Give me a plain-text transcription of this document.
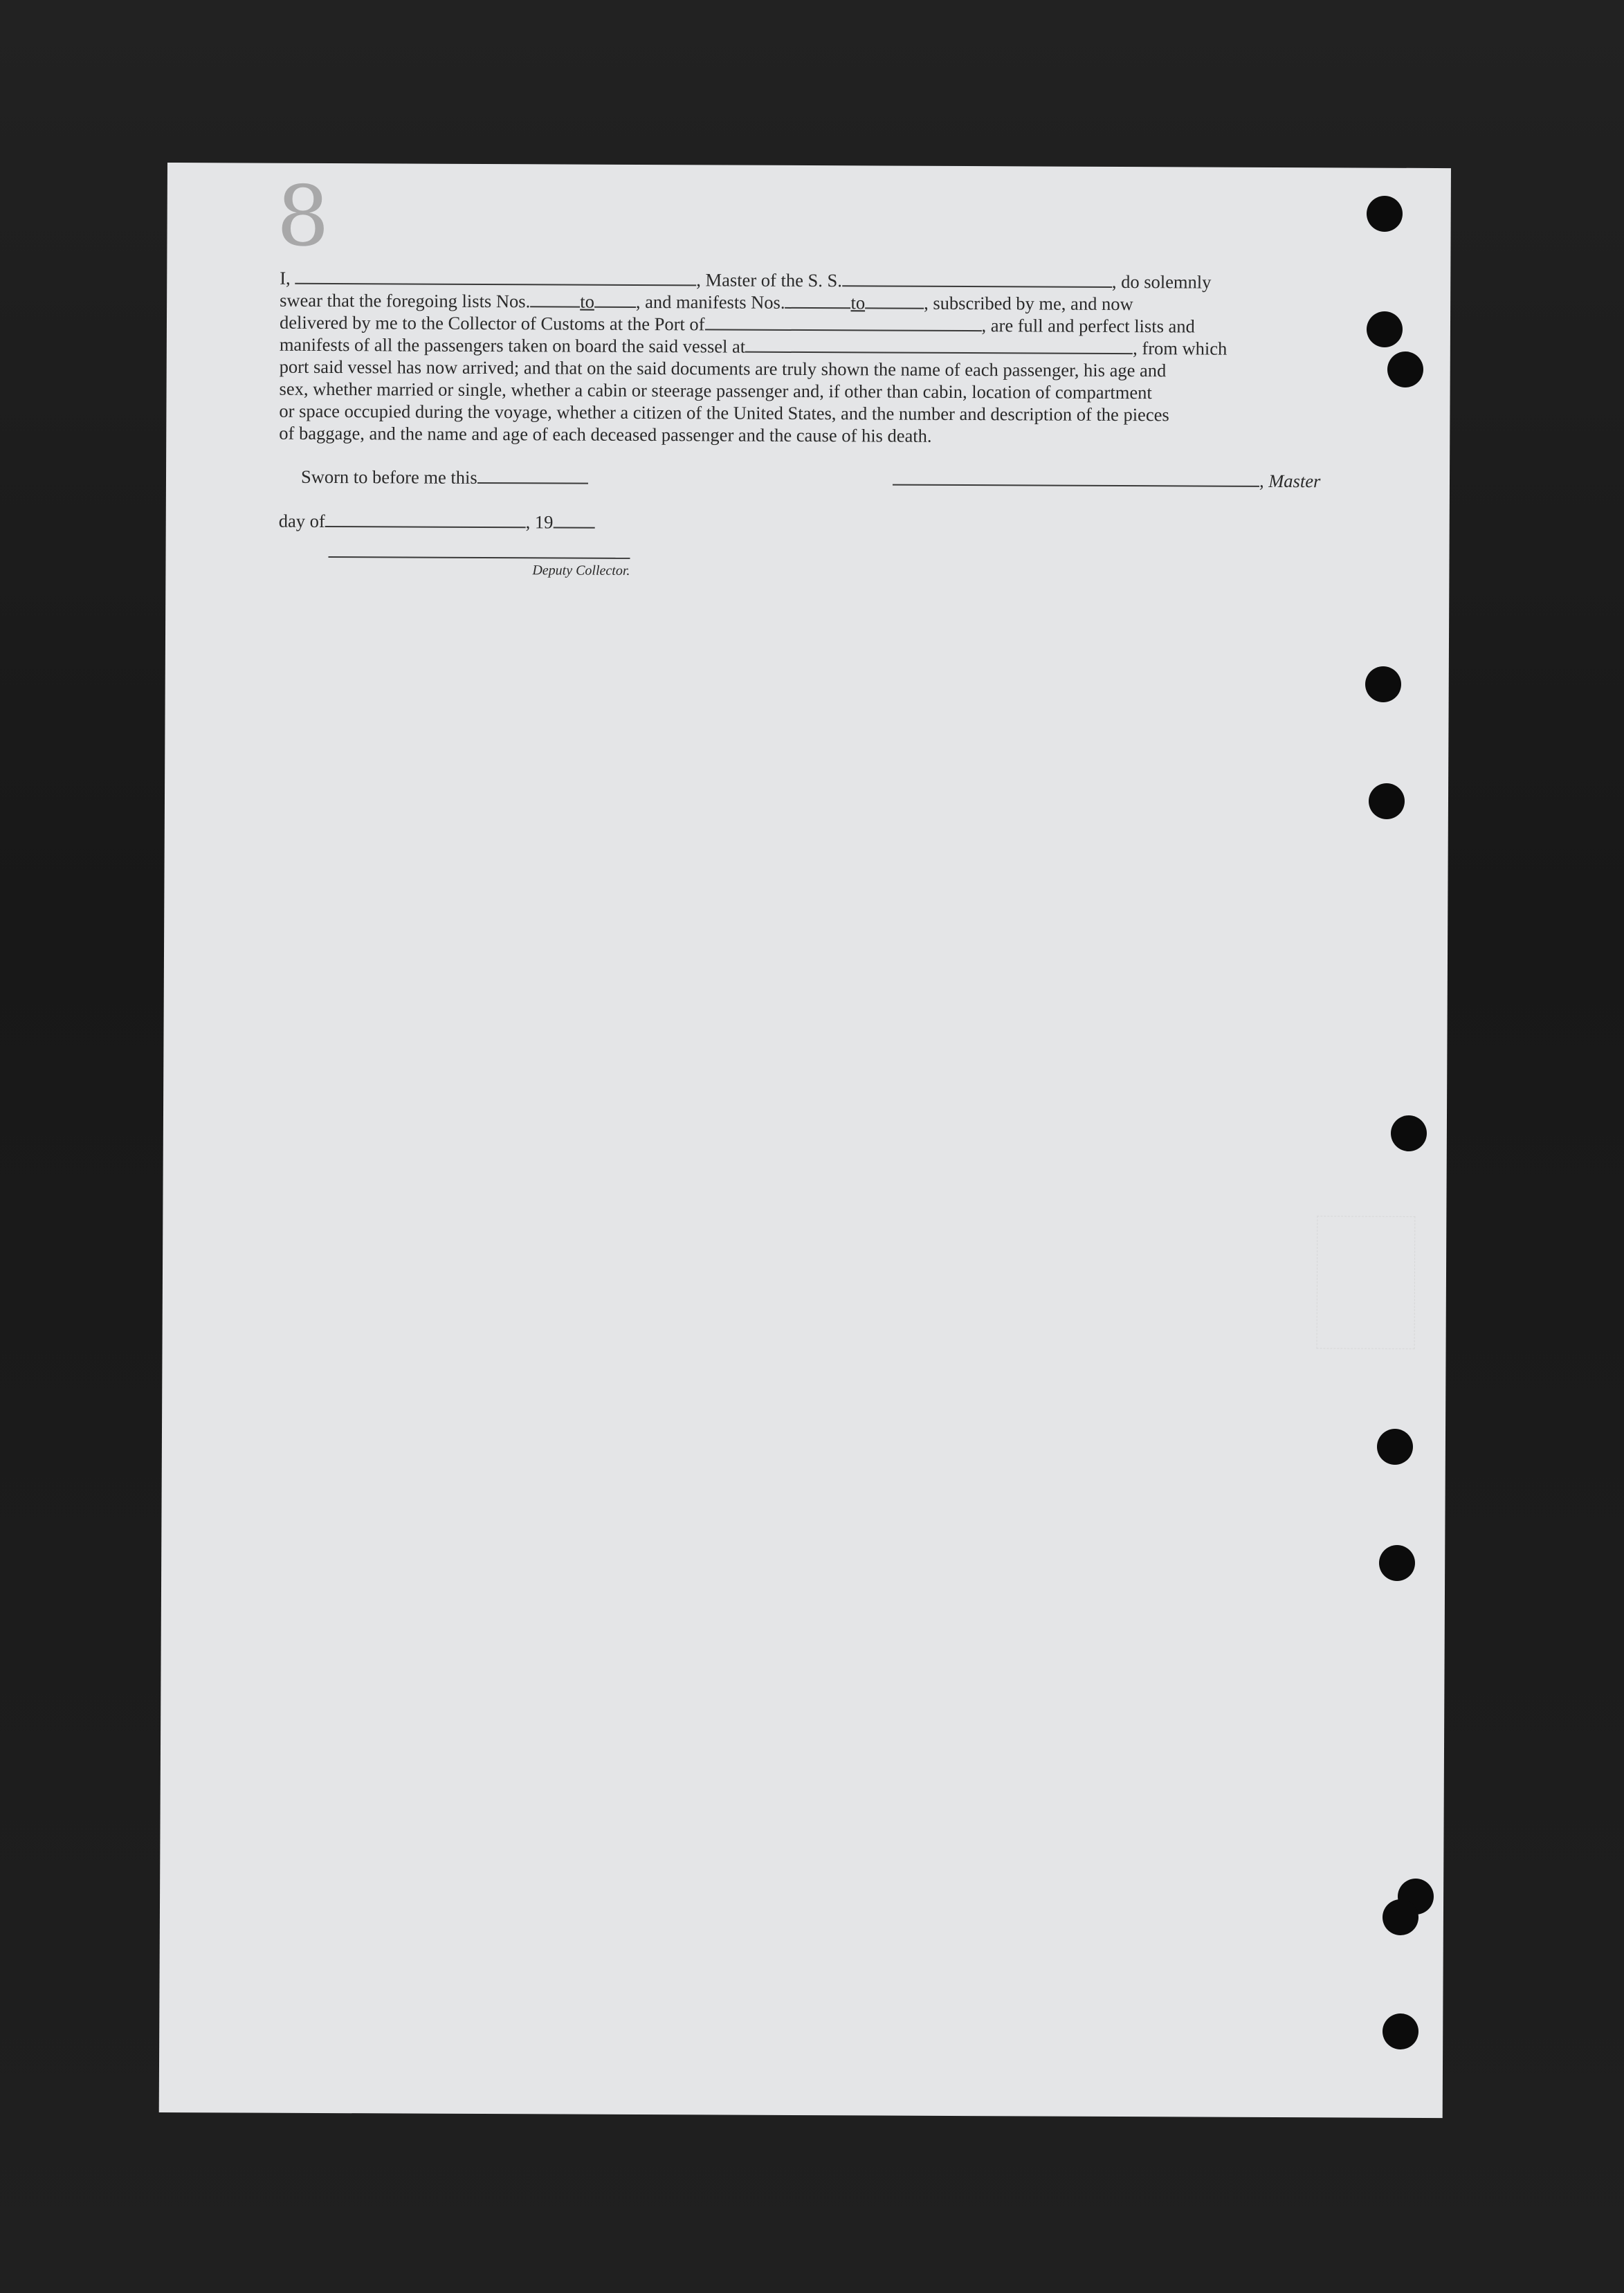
8
I,	, Master of the S. S.	, do solemnly
swear that the foregoing lists Nos.	to , and manifests Nos.	to	, subscribed by me, and now
delivered by me to the Collector of Customs at the Port of	, are full and perfect lists and
manifests of all the passengers taken on board the said vessel at	, from which
port said vessel has now arrived; and that on the said documents are truly shown the name of each passenger, his age and
sex, whether married or single, whether a cabin or steerage passenger and, if other than cabin, location of compartment
or space occupied during the voyage, whether a citizen of the United States, and the number and description of the pieces
of baggage, and the name and age of each deceased passenger and the cause of his death.
Sworn to before me this	, Master
day of	, 19
Deputy Collector.
